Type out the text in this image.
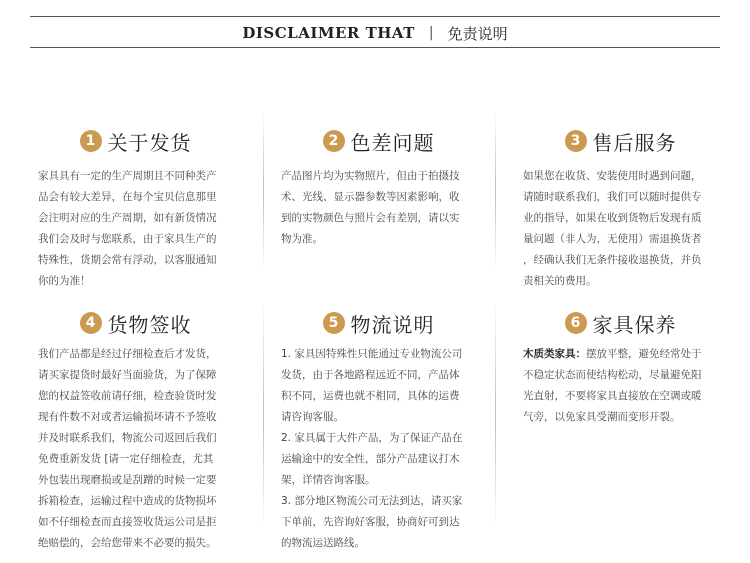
DISCLAIMER THAT | 免责说明
1 关于发货
家具具有一定的生产周期且不同种类产
品会有较大差异，在每个宝贝信息那里
会注明对应的生产周期，如有新货情况
我们会及时与您联系，由于家具生产的
特殊性，货期会常有浮动，以客服通知
你的为准！
2 色差问题
产品图片均为实物照片，但由于拍摄技
术、光线、显示器参数等因素影响，收
到的实物颜色与照片会有差别，请以实
物为准。
3 售后服务
如果您在收货、安装使用时遇到问题，
请随时联系我们，我们可以随时提供专
业的指导，如果在收到货物后发现有质
量问题（非人为，无使用）需退换货者
，经确认我们无条件接收退换货，并负
责相关的费用。
4 货物签收
我们产品都是经过仔细检查后才发货，
请买家提货时最好当面验货，为了保障
您的权益签收前请仔细，检查验货时发
现有件数不对或者运输损坏请不予签收
并及时联系我们，物流公司返回后我们
免费重新发货 [请一定仔细检查，尤其
外包装出现磨损或是刮蹭的时候一定要
拆箱检查，运输过程中造成的货物损坏
如不仔细检查而直接签收货运公司是拒
绝赔偿的，会给您带来不必要的损失。
5 物流说明
1. 家具因特殊性只能通过专业物流公司
发货，由于各地路程远近不同，产品体
积不同，运费也就不相同，具体的运费
请咨询客服。
2. 家具属于大件产品，为了保证产品在
运输途中的安全性，部分产品建议打木
架，详情咨询客服。
3. 部分地区物流公司无法到达，请买家
下单前，先咨询好客服，协商好可到达
的物流运送路线。
6 家具保养
木质类家具：摆放平整，避免经常处于
不稳定状态而使结构松动，尽量避免阳
光直射，不要将家具直接放在空调或暖
气旁，以免家具受潮而变形开裂。
